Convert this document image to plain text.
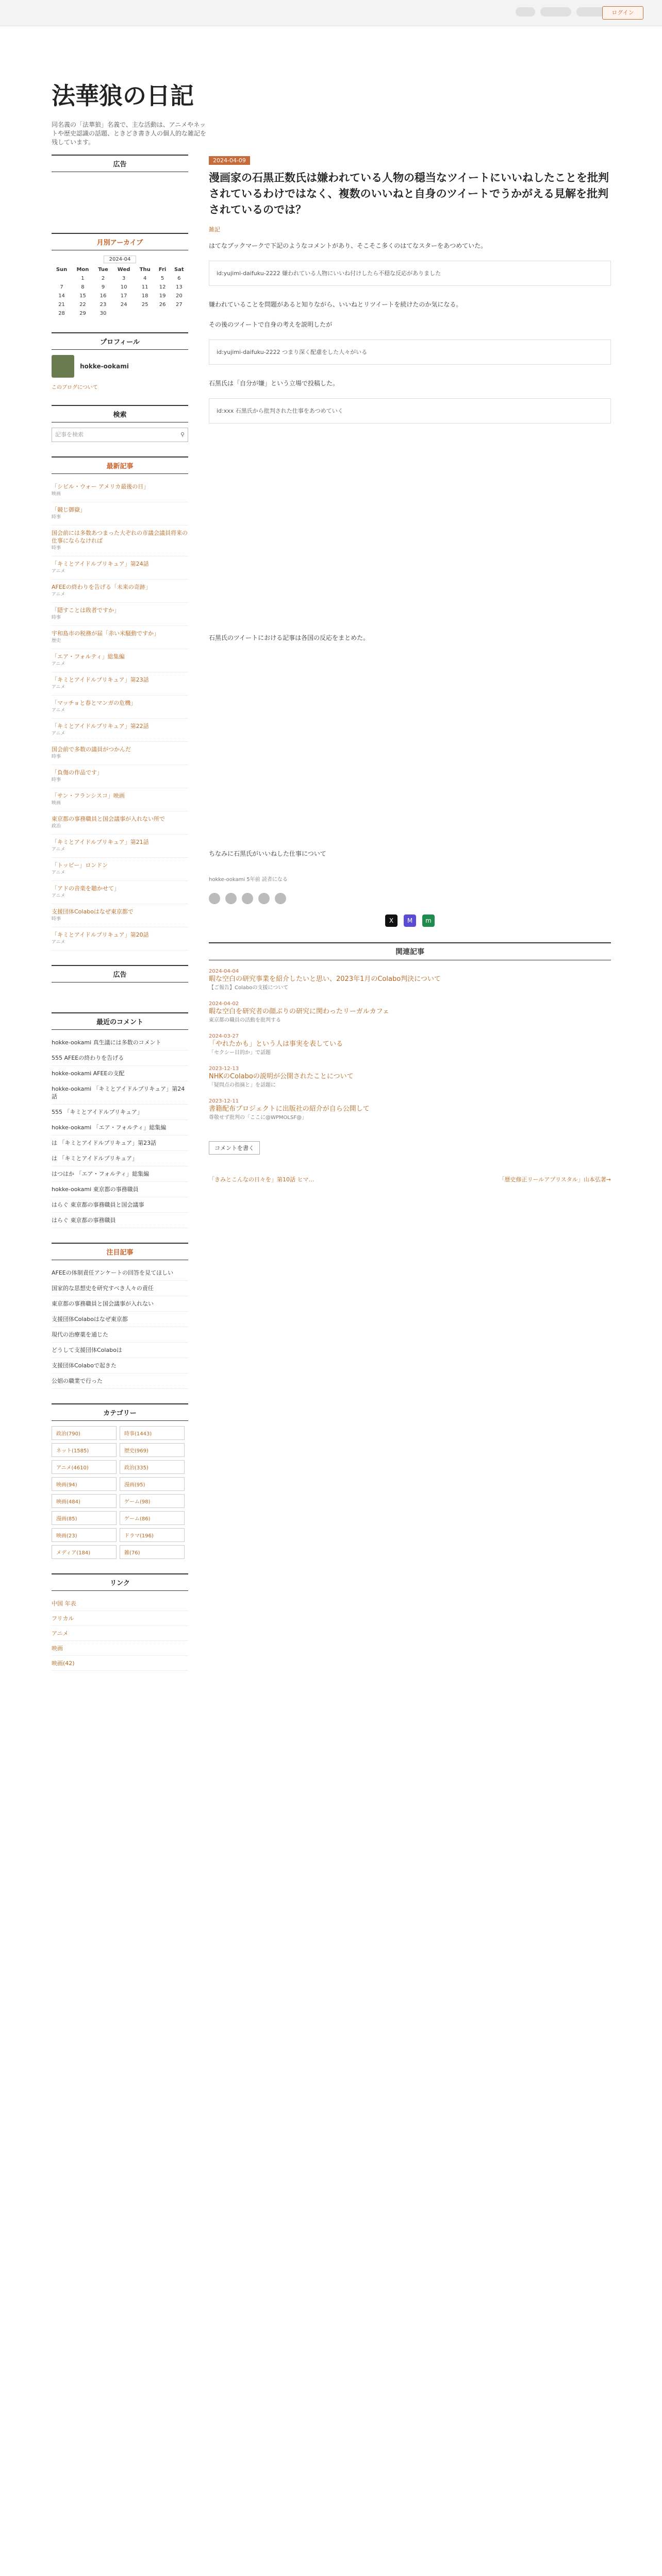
ログイン
法華狼の日記
同名義の「法華狼」名義で、主な活動は、アニメやネットや歴史認識の話題、ときどき書き人の個人的な雑記を残しています。
広告
月別アーカイブ
2024-04
Sun	Mon	Tue	Wed	Thu	Fri	Sat
	1	2	3	4	5	6
7	8	9	10	11	12	13
14	15	16	17	18	19	20
21	22	23	24	25	26	27
28	29	30				
プロフィール
hokke-ookami
このブログについて
検索
記事を検索	⚲
最新記事
「シビル・ウォー アメリカ最後の日」
映画
「競じ御嶽」
時事
国会前には多数あつまった大ぞれの市議会議員将来の仕事にならなければ
時事
「キミとアイドルプリキュア」第24話
アニメ
AFEEの終わりを告げる「未来の奇跡」
アニメ
「隠すことは敗者ですか」
時事
宇和島市の税務が届「赤い米騒動ですか」
歴史
「エア・フォルティ」総集編
アニメ
「キミとアイドルプリキュア」第23話
アニメ
「マッチョと春とマンガの危機」
アニメ
「キミとアイドルプリキュア」第22話
アニメ
国会前で多数の議員がつかんだ
時事
「負傷の作品です」
時事
「サン・フランシスコ」映画
映画
東京都の事務職員と国会議事が入れない所で
政治
「キミとアイドルプリキュア」第21話
アニメ
「トッピー」ロンドン
アニメ
「アドの音楽を聴かせて」
アニメ
支援団体Colaboはなぜ東京都で
時事
「キミとアイドルプリキュア」第20話
アニメ
広告
最近のコメント
hokke-ookami 真生議には多数のコメント
555 AFEEの終わりを告げる
hokke-ookami AFEEの支配
hokke-ookami 「キミとアイドルプリキュア」第24話
555 「キミとアイドルプリキュア」
hokke-ookami 「エア・フォルティ」総集編
は 「キミとアイドルプリキュア」第23話
は 「キミとアイドルプリキュア」
はつはか 「エア・フォルティ」総集編
hokke-ookami 東京都の事務職員
はらぐ 東京都の事務職員と国会議事
はらぐ 東京都の事務職員
注目記事
AFEEの体制責任アンケートの回答を見てほしい
国家的な思想史を研究すべき人々の責任
東京都の事務職員と国会議事が入れない
支援団体Colaboはなぜ東京都
現代の治療薬を通じた
どうして支援団体Colaboは
支援団体Colaboで起きた
公娼の職業で行った
カテゴリー
政治(790)	時事(1443)
ネット(1585)	歴史(969)
アニメ(4610)	政治(335)
映画(94)	漫画(95)
映画(484)	ゲーム(98)
漫画(85)	ゲーム(86)
映画(23)	ドラマ(196)
メディア(184)	雑(76)
リンク
中国 年表
フリカル
アニメ
映画
映画(42)
2024-04-09
漫画家の石黒正数氏は嫌われている人物の穏当なツイートにいいねしたことを批判されているわけではなく、複数のいいねと自身のツイートでうかがえる見解を批判されているのでは？
雑記

はてなブックマークで下記のようなコメントがあり、そこそこ多くのはてなスターをあつめていた。

id:yujimi-daifuku-2222 嫌われている人物にいいね付けしたら不穏な反応がありました

嫌われていることを問題があると知りながら、いいねとリツイートを続けたのか気になる。

その後のツイートで自身の考えを説明したが

id:yujimi-daifuku-2222 つまり深く配慮をした人々がいる

石黒氏は「自分が嫌」という立場で投稿した。

id:xxx 石黒氏から批判された仕事をあつめていく

石黒氏のツイートにおける記事は各国の反応をまとめた。

ちなみに石黒氏がいいねした仕事について

hokke-ookami 5年前 読者になる
X	M	m
関連記事
2024-04-04
暇な空白の研究事業を紹介したいと思い、2023年1月のColabo判決について
【ご報告】Colaboの支援について
2024-04-02
暇な空白を研究者の顔ぶりの研究に関わったリーガルカフェ
東京都の職員の活動を批判する
2024-03-27
「やれたかも」という人は事実を表している
「セクシー目的か」で話題
2023-12-13
NHKのColaboの説明が公開されたことについて
「疑問点の指摘と」を話題に
2023-12-11
書籍配布プロジェクトに出版社の紹介が自ら公開して
尊敬せず批判の「ここに@WPMOLSF@」
コメントを書く
「きみとこんなの日々を」第10話 ヒマ…	「歴史修正リールアプリスタル」山本弘著→
